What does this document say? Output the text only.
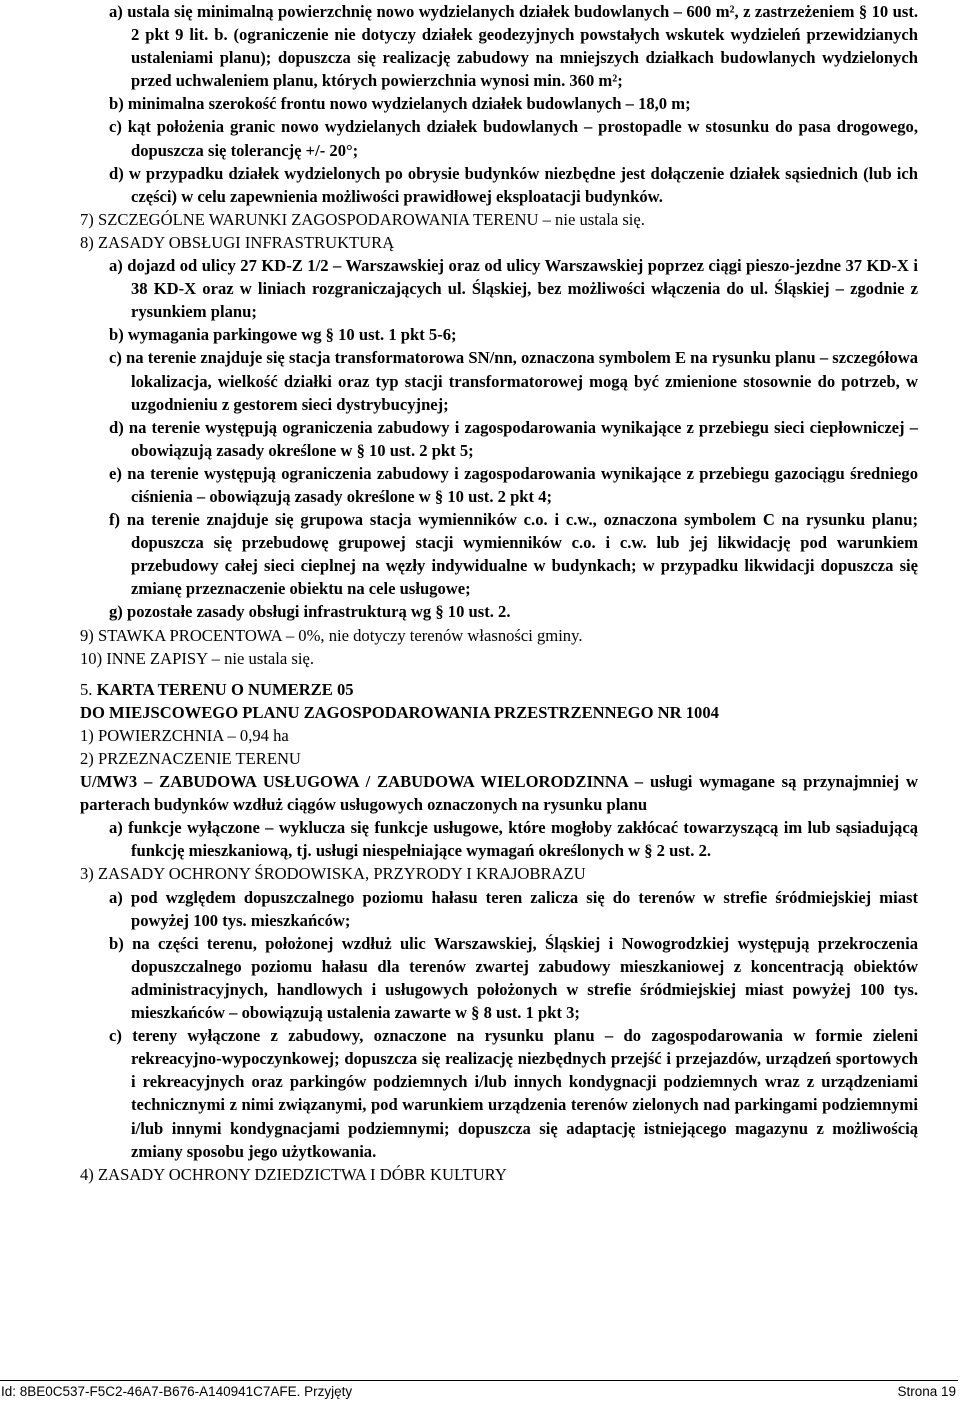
a) ustala się minimalną powierzchnię nowo wydzielanych działek budowlanych – 600 m², z zastrzeżeniem § 10 ust. 2 pkt 9 lit. b. (ograniczenie nie dotyczy działek geodezyjnych powstałych wskutek wydzieleń przewidzianych ustaleniami planu); dopuszcza się realizację zabudowy na mniejszych działkach budowlanych wydzielonych przed uchwaleniem planu, których powierzchnia wynosi min. 360 m²;

b) minimalna szerokość frontu nowo wydzielanych działek budowlanych – 18,0 m;

c) kąt położenia granic nowo wydzielanych działek budowlanych – prostopadle w stosunku do pasa drogowego, dopuszcza się tolerancję +/- 20°;

d) w przypadku działek wydzielonych po obrysie budynków niezbędne jest dołączenie działek sąsiednich (lub ich części) w celu zapewnienia możliwości prawidłowej eksploatacji budynków.

7) SZCZEGÓLNE WARUNKI ZAGOSPODAROWANIA TERENU – nie ustala się.

8) ZASADY OBSŁUGI INFRASTRUKTURĄ

a) dojazd od ulicy 27 KD-Z 1/2 – Warszawskiej oraz od ulicy Warszawskiej poprzez ciągi pieszo-jezdne 37 KD-X i 38 KD-X oraz w liniach rozgraniczających ul. Śląskiej, bez możliwości włączenia do ul. Śląskiej – zgodnie z rysunkiem planu;

b) wymagania parkingowe wg § 10 ust. 1 pkt 5-6;

c) na terenie znajduje się stacja transformatorowa SN/nn, oznaczona symbolem E na rysunku planu – szczegółowa lokalizacja, wielkość działki oraz typ stacji transformatorowej mogą być zmienione stosownie do potrzeb, w uzgodnieniu z gestorem sieci dystrybucyjnej;

d) na terenie występują ograniczenia zabudowy i zagospodarowania wynikające z przebiegu sieci ciepłowniczej – obowiązują zasady określone w § 10 ust. 2 pkt 5;

e) na terenie występują ograniczenia zabudowy i zagospodarowania wynikające z przebiegu gazociągu średniego ciśnienia – obowiązują zasady określone w § 10 ust. 2 pkt 4;

f) na terenie znajduje się grupowa stacja wymienników c.o. i c.w., oznaczona symbolem C na rysunku planu; dopuszcza się przebudowę grupowej stacji wymienników c.o. i c.w. lub jej likwidację pod warunkiem przebudowy całej sieci cieplnej na węzły indywidualne w budynkach; w przypadku likwidacji dopuszcza się zmianę przeznaczenie obiektu na cele usługowe;

g) pozostałe zasady obsługi infrastrukturą wg § 10 ust. 2.

9) STAWKA PROCENTOWA – 0%, nie dotyczy terenów własności gminy.

10) INNE ZAPISY – nie ustala się.

5. KARTA TERENU O NUMERZE 05

DO MIEJSCOWEGO PLANU ZAGOSPODAROWANIA PRZESTRZENNEGO NR 1004

1) POWIERZCHNIA – 0,94 ha

2) PRZEZNACZENIE TERENU

U/MW3 – ZABUDOWA USŁUGOWA / ZABUDOWA WIELORODZINNA – usługi wymagane są przynajmniej w parterach budynków wzdłuż ciągów usługowych oznaczonych na rysunku planu

a) funkcje wyłączone – wyklucza się funkcje usługowe, które mogłoby zakłócać towarzyszącą im lub sąsiadującą funkcję mieszkaniową, tj. usługi niespełniające wymagań określonych w § 2 ust. 2.

3) ZASADY OCHRONY ŚRODOWISKA, PRZYRODY I KRAJOBRAZU

a) pod względem dopuszczalnego poziomu hałasu teren zalicza się do terenów w strefie śródmiejskiej miast powyżej 100 tys. mieszkańców;

b) na części terenu, położonej wzdłuż ulic Warszawskiej, Śląskiej i Nowogrodzkiej występują przekroczenia dopuszczalnego poziomu hałasu dla terenów zwartej zabudowy mieszkaniowej z koncentracją obiektów administracyjnych, handlowych i usługowych położonych w strefie śródmiejskiej miast powyżej 100 tys. mieszkańców – obowiązują ustalenia zawarte w § 8 ust. 1 pkt 3;

c) tereny wyłączone z zabudowy, oznaczone na rysunku planu – do zagospodarowania w formie zieleni rekreacyjno-wypoczynkowej; dopuszcza się realizację niezbędnych przejść i przejazdów, urządzeń sportowych i rekreacyjnych oraz parkingów podziemnych i/lub innych kondygnacji podziemnych wraz z urządzeniami technicznymi z nimi związanymi, pod warunkiem urządzenia terenów zielonych nad parkingami podziemnymi i/lub innymi kondygnacjami podziemnymi; dopuszcza się adaptację istniejącego magazynu z możliwością zmiany sposobu jego użytkowania.

4) ZASADY OCHRONY DZIEDZICTWA I DÓBR KULTURY

Id: 8BE0C537-F5C2-46A7-B676-A140941C7AFE. Przyjęty	Strona 19
